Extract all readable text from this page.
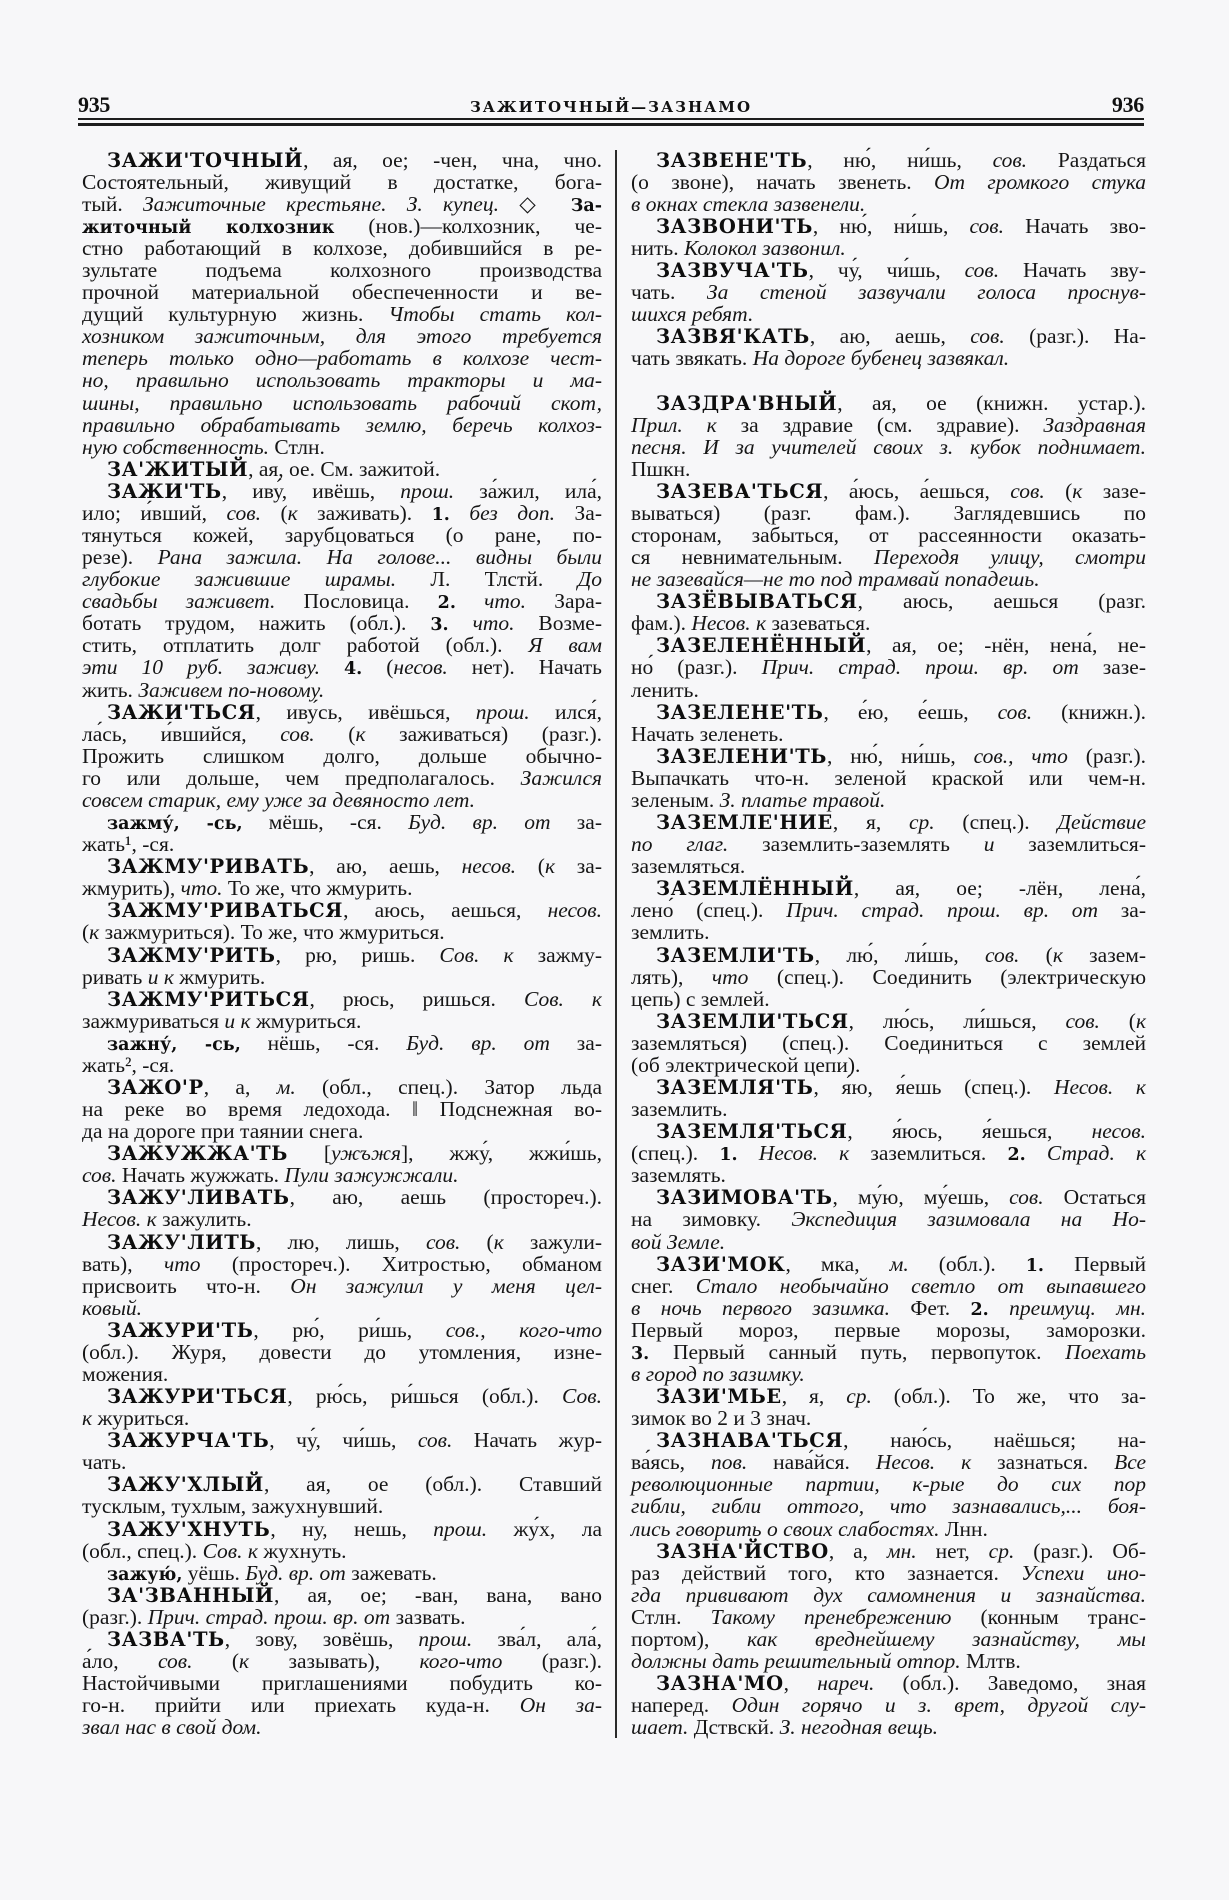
935	ЗАЖИТОЧНЫЙ—ЗАЗНАМО	936
ЗАЖИ'ТОЧНЫЙ, ая, ое; -чен, чна, чно.
Состоятельный, живущий в достатке, бога-
тый. Зажиточные крестьяне. З. купец. ◇ За-
житочный колхозник (нов.)—колхозник, че-
стно работающий в колхозе, добившийся в ре-
зультате подъема колхозного производства
прочной материальной обеспеченности и ве-
дущий культурную жизнь. Чтобы стать кол-
хозником зажиточным, для этого требуется
теперь только одно—работать в колхозе чест-
но, правильно использовать тракторы и ма-
шины, правильно использовать рабочий скот,
правильно обрабатывать землю, беречь колхоз-
ную собственность. Стлн.
ЗА'ЖИТЫЙ, ая, ое. См. зажитой.
ЗАЖИ'ТЬ, иву́, ивёшь, прош. за́жил, ила́,
ило; и́вший, сов. (к заживать). 1. без доп. За-
тянуться кожей, зарубцоваться (о ране, по-
резе). Рана зажила. На голове... видны были
глубокие зажившие шрамы. Л. Тлстй. До
свадьбы заживет. Пословица. 2. что. Зара-
ботать трудом, нажить (обл.). 3. что. Возме-
стить, отплатить долг работой (обл.). Я вам
эти 10 руб. заживу. 4. (несов. нет). Начать
жить. Заживем по-новому.
ЗАЖИ'ТЬСЯ, иву́сь, ивёшься, прош. ился́,
ла́сь, и́вшийся, сов. (к заживаться) (разг.).
Прожить слишком долго, дольше обычно-
го или дольше, чем предполагалось. Зажился
совсем старик, ему уже за девяносто лет.
зажму́, -сь, мёшь, -ся. Буд. вр. от за-
жать¹, -ся.
ЗАЖМУ'РИВАТЬ, аю, аешь, несов. (к за-
жмурить), что. То же, что жмурить.
ЗАЖМУ'РИВАТЬСЯ, аюсь, аешься, несов.
(к зажмуриться). То же, что жмуриться.
ЗАЖМУ'РИТЬ, рю, ришь. Сов. к зажму-
ривать и к жмурить.
ЗАЖМУ'РИТЬСЯ, рюсь, ришься. Сов. к
зажмуриваться и к жмуриться.
зажну́, -сь, нёшь, -ся. Буд. вр. от за-
жать², -ся.
ЗАЖО'Р, а, м. (обл., спец.). Затор льда
на реке во время ледохода. ‖ Подснежная во-
да на дороге при таянии снега.
ЗАЖУЖЖА'ТЬ [ужъжя], жжу́, жжи́шь,
сов. Начать жужжать. Пули зажужжали.
ЗАЖУ'ЛИВАТЬ, аю, аешь (простореч.).
Несов. к зажулить.
ЗАЖУ'ЛИТЬ, лю, лишь, сов. (к зажули-
вать), что (простореч.). Хитростью, обманом
присвоить что-н. Он зажулил у меня цел-
ковый.
ЗАЖУРИ'ТЬ, рю́, ри́шь, сов., кого-что
(обл.). Журя, довести до утомления, изне-
можения.
ЗАЖУРИ'ТЬСЯ, рю́сь, ри́шься (обл.). Сов.
к журиться.
ЗАЖУРЧА'ТЬ, чу́, чи́шь, сов. Начать жур-
чать.
ЗАЖУ'ХЛЫЙ, ая, ое (обл.). Ставший
тусклым, тухлым, зажухнувший.
ЗАЖУ'ХНУТЬ, ну, нешь, прош. жу́х, ла
(обл., спец.). Сов. к жухнуть.
зажую́, уёшь. Буд. вр. от зажевать.
ЗА'ЗВАННЫЙ, ая, ое; -ван, вана, вано
(разг.). Прич. страд. прош. вр. от зазвать.
ЗАЗВА'ТЬ, зову́, зовёшь, прош. зва́л, ала́,
а́ло, сов. (к зазывать), кого-что (разг.).
Настойчивыми приглашениями побудить ко-
го-н. прийти или приехать куда-н. Он за-
звал нас в свой дом.
ЗАЗВЕНЕ'ТЬ, ню́, ни́шь, сов. Раздаться
(о звоне), начать звенеть. От громкого стука
в окнах стекла зазвенели.
ЗАЗВОНИ'ТЬ, ню́, ни́шь, сов. Начать зво-
нить. Колокол зазвонил.
ЗАЗВУЧА'ТЬ, чу́, чи́шь, сов. Начать зву-
чать. За стеной зазвучали голоса проснув-
шихся ребят.
ЗАЗВЯ'КАТЬ, аю, аешь, сов. (разг.). На-
чать звякать. На дороге бубенец зазвякал.
ЗАЗДРА'ВНЫЙ, ая, ое (книжн. устар.).
Прил. к за здравие (см. здравие). Заздравная
песня. И за учителей своих з. кубок поднимает.
Пшкн.
ЗАЗЕВА'ТЬСЯ, а́юсь, а́ешься, сов. (к зазе-
вываться) (разг. фам.). Заглядевшись по
сторонам, забыться, от рассеянности оказать-
ся невнимательным. Переходя улицу, смотри
не зазевайся—не то под трамвай попадешь.
ЗАЗЁВЫВАТЬСЯ, аюсь, аешься (разг.
фам.). Несов. к зазеваться.
ЗАЗЕЛЕНЁННЫЙ, ая, ое; -нён, нена́, не-
но́ (разг.). Прич. страд. прош. вр. от зазе-
ленить.
ЗАЗЕЛЕНЕ'ТЬ, е́ю, е́ешь, сов. (книжн.).
Начать зеленеть.
ЗАЗЕЛЕНИ'ТЬ, ню́, ни́шь, сов., что (разг.).
Выпачкать что-н. зеленой краской или чем-н.
зеленым. З. платье травой.
ЗАЗЕМЛЕ'НИЕ, я, ср. (спец.). Действие
по глаг. заземлить-заземлять и заземлиться-
заземляться.
ЗАЗЕМЛЁННЫЙ, ая, ое; -лён, лена́,
лено́ (спец.). Прич. страд. прош. вр. от за-
землить.
ЗАЗЕМЛИ'ТЬ, лю́, ли́шь, сов. (к зазем-
лять), что (спец.). Соединить (электрическую
цепь) с землей.
ЗАЗЕМЛИ'ТЬСЯ, лю́сь, ли́шься, сов. (к
заземляться) (спец.). Соединиться с землей
(об электрической цепи).
ЗАЗЕМЛЯ'ТЬ, я́ю, я́ешь (спец.). Несов. к
заземлить.
ЗАЗЕМЛЯ'ТЬСЯ, я́юсь, я́ешься, несов.
(спец.). 1. Несов. к заземлиться. 2. Страд. к
заземлять.
ЗАЗИМОВА'ТЬ, му́ю, му́ешь, сов. Остаться
на зимовку. Экспедиция зазимовала на Но-
вой Земле.
ЗАЗИ'МОК, мка, м. (обл.). 1. Первый
снег. Стало необычайно светло от выпавшего
в ночь первого зазимка. Фет. 2. преимущ. мн.
Первый мороз, первые морозы, заморозки.
3. Первый санный путь, первопуток. Поехать
в город по зазимку.
ЗАЗИ'МЬЕ, я, ср. (обл.). То же, что за-
зимок во 2 и 3 знач.
ЗАЗНАВА'ТЬСЯ, наю́сь, наёшься; на-
ва́ясь, пов. нава́йся. Несов. к зазнаться. Все
революционные партии, к-рые до сих пор
гибли, гибли оттого, что зазнавались,... боя-
лись говорить о своих слабостях. Лнн.
ЗАЗНА'ЙСТВО, а, мн. нет, ср. (разг.). Об-
раз действий того, кто зазнается. Успехи ино-
гда прививают дух самомнения и зазнайства.
Стлн. Такому пренебрежению (конным транс-
портом), как вреднейшему зазнайству, мы
должны дать решительный отпор. Млтв.
ЗАЗНА'МО, нареч. (обл.). Заведомо, зная
наперед. Один горячо и з. врет, другой слу-
шает. Дствскй. З. негодная вещь.
